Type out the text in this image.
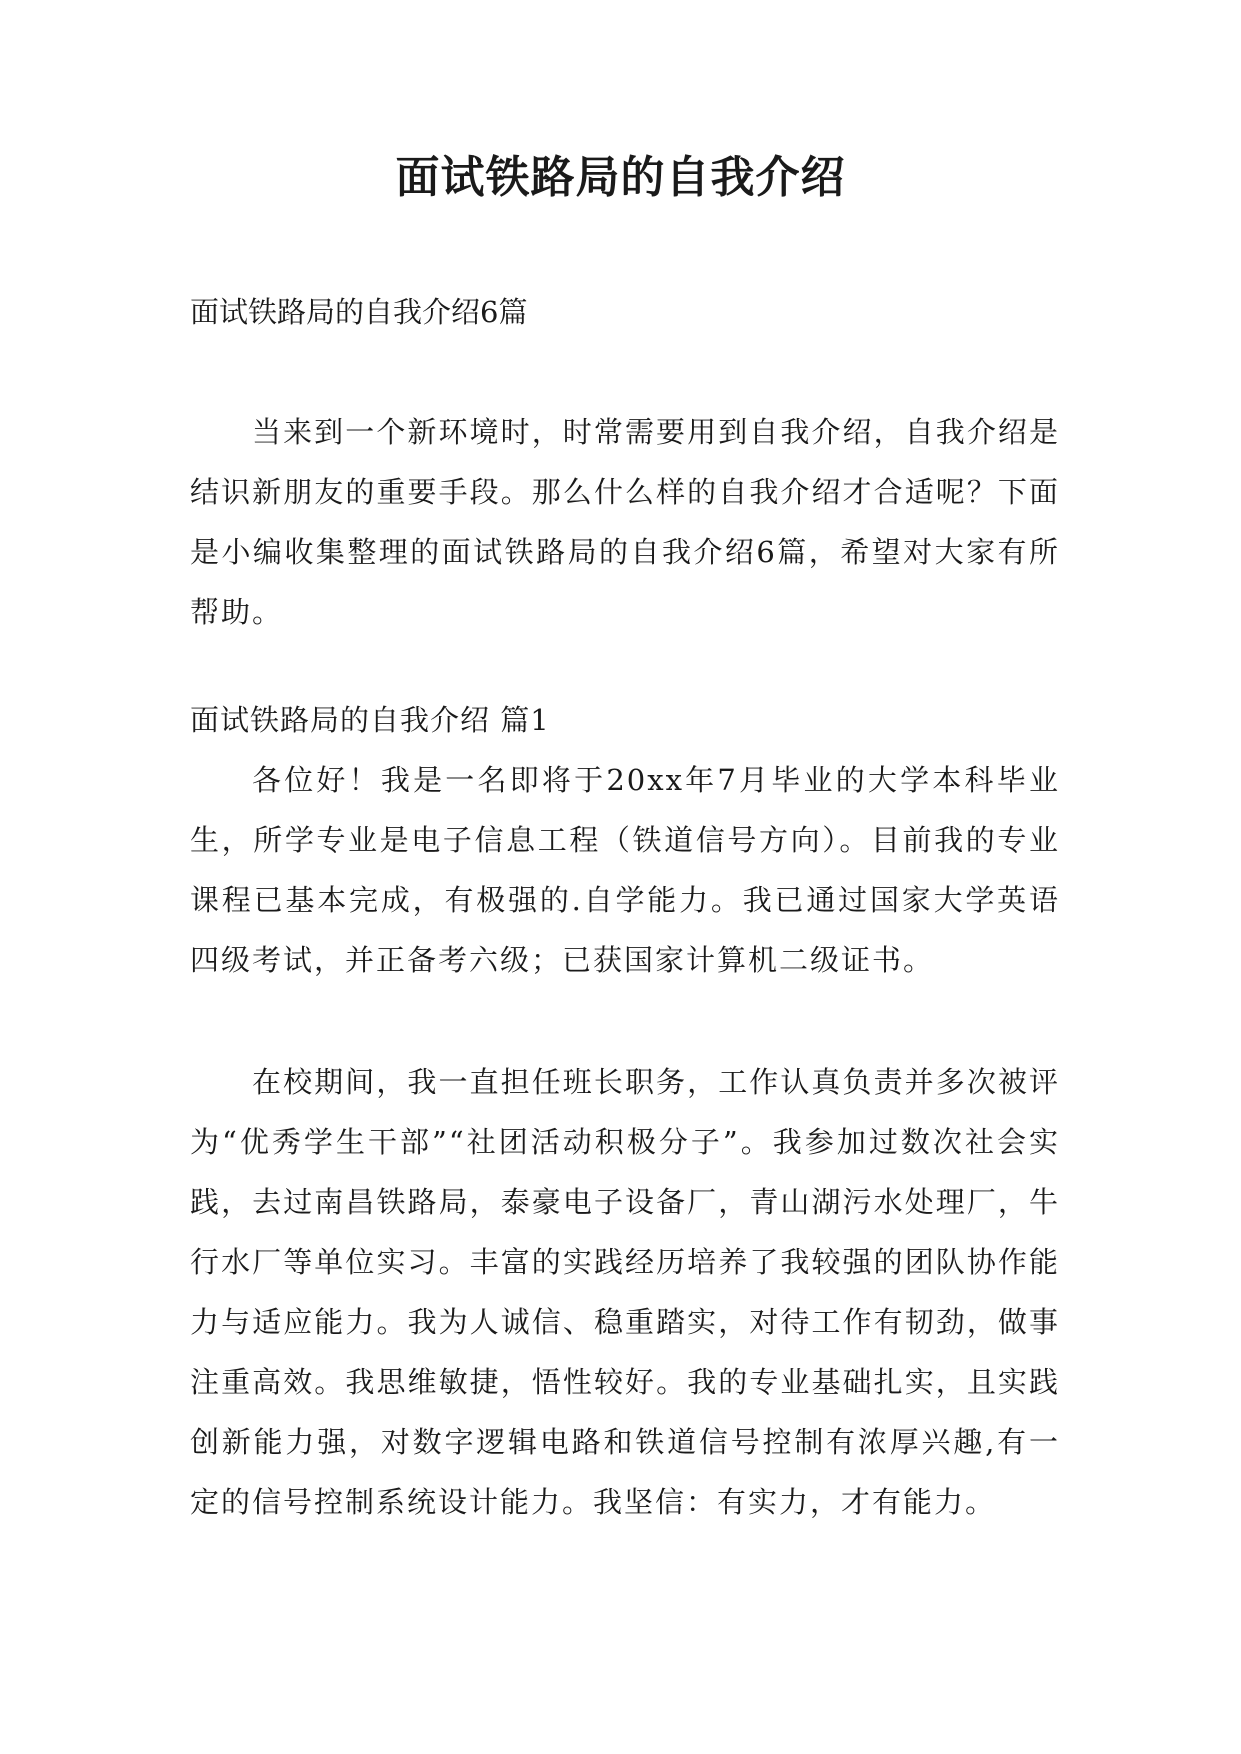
面试铁路局的自我介绍

面试铁路局的自我介绍6篇

当来到一个新环境时，时常需要用到自我介绍，自我介绍是结识新朋友的重要手段。那么什么样的自我介绍才合适呢？下面是小编收集整理的面试铁路局的自我介绍6篇，希望对大家有所帮助。

面试铁路局的自我介绍 篇1

各位好！我是一名即将于20xx年7月毕业的大学本科毕业生，所学专业是电子信息工程（铁道信号方向）。目前我的专业课程已基本完成，有极强的.自学能力。我已通过国家大学英语四级考试，并正备考六级；已获国家计算机二级证书。

在校期间，我一直担任班长职务，工作认真负责并多次被评为“优秀学生干部”“社团活动积极分子”。我参加过数次社会实践，去过南昌铁路局，泰豪电子设备厂，青山湖污水处理厂，牛行水厂等单位实习。丰富的实践经历培养了我较强的团队协作能力与适应能力。我为人诚信、稳重踏实，对待工作有韧劲，做事注重高效。我思维敏捷，悟性较好。我的专业基础扎实，且实践创新能力强，对数字逻辑电路和铁道信号控制有浓厚兴趣,有一定的信号控制系统设计能力。我坚信：有实力，才有能力。
